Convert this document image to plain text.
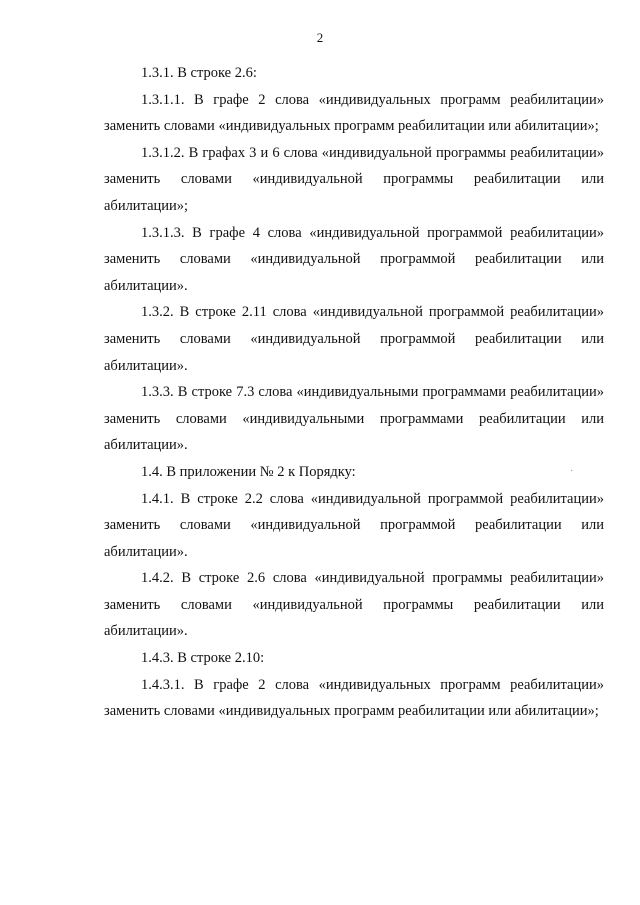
2
1.3.1. В строке 2.6:
1.3.1.1. В графе 2 слова «индивидуальных программ реабилитации» заменить словами «индивидуальных программ реабилитации или абилитации»;
1.3.1.2. В графах 3 и 6 слова «индивидуальной программы реабилитации» заменить словами «индивидуальной программы реабилитации или абилитации»;
1.3.1.3. В графе 4 слова «индивидуальной программой реабилитации» заменить словами «индивидуальной программой реабилитации или абилитации».
1.3.2. В строке 2.11 слова «индивидуальной программой реабилитации» заменить словами «индивидуальной программой реабилитации или абилитации».
1.3.3. В строке 7.3 слова «индивидуальными программами реабилитации» заменить словами «индивидуальными программами реабилитации или абилитации».
1.4. В приложении № 2 к Порядку:
1.4.1. В строке 2.2 слова «индивидуальной программой реабилитации» заменить словами «индивидуальной программой реабилитации или абилитации».
1.4.2. В строке 2.6 слова «индивидуальной программы реабилитации» заменить словами «индивидуальной программы реабилитации или абилитации».
1.4.3. В строке 2.10:
1.4.3.1. В графе 2 слова «индивидуальных программ реабилитации» заменить словами «индивидуальных программ реабилитации или абилитации»;
·
